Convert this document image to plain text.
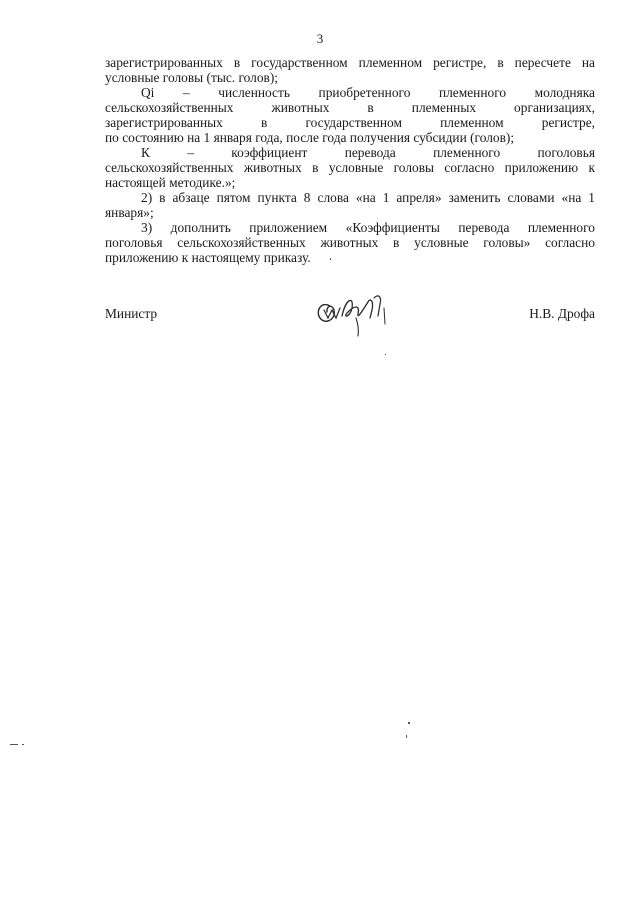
3

зарегистрированных в государственном племенном регистре, в пересчете на
условные головы (тыс. голов);

Qi – численность приобретенного племенного молодняка
сельскохозяйственных животных в племенных организациях,
зарегистрированных в государственном племенном регистре,
по состоянию на 1 января года, после года получения субсидии (голов);

К – коэффициент перевода племенного поголовья
сельскохозяйственных животных в условные головы согласно приложению к
настоящей методике.»;

2) в абзаце пятом пункта 8 слова «на 1 апреля» заменить словами «на 1
января»;

3) дополнить приложением «Коэффициенты перевода племенного
поголовья сельскохозяйственных животных в условные головы» согласно
приложению к настоящему приказу.

Министр	Н.В. Дрофа
